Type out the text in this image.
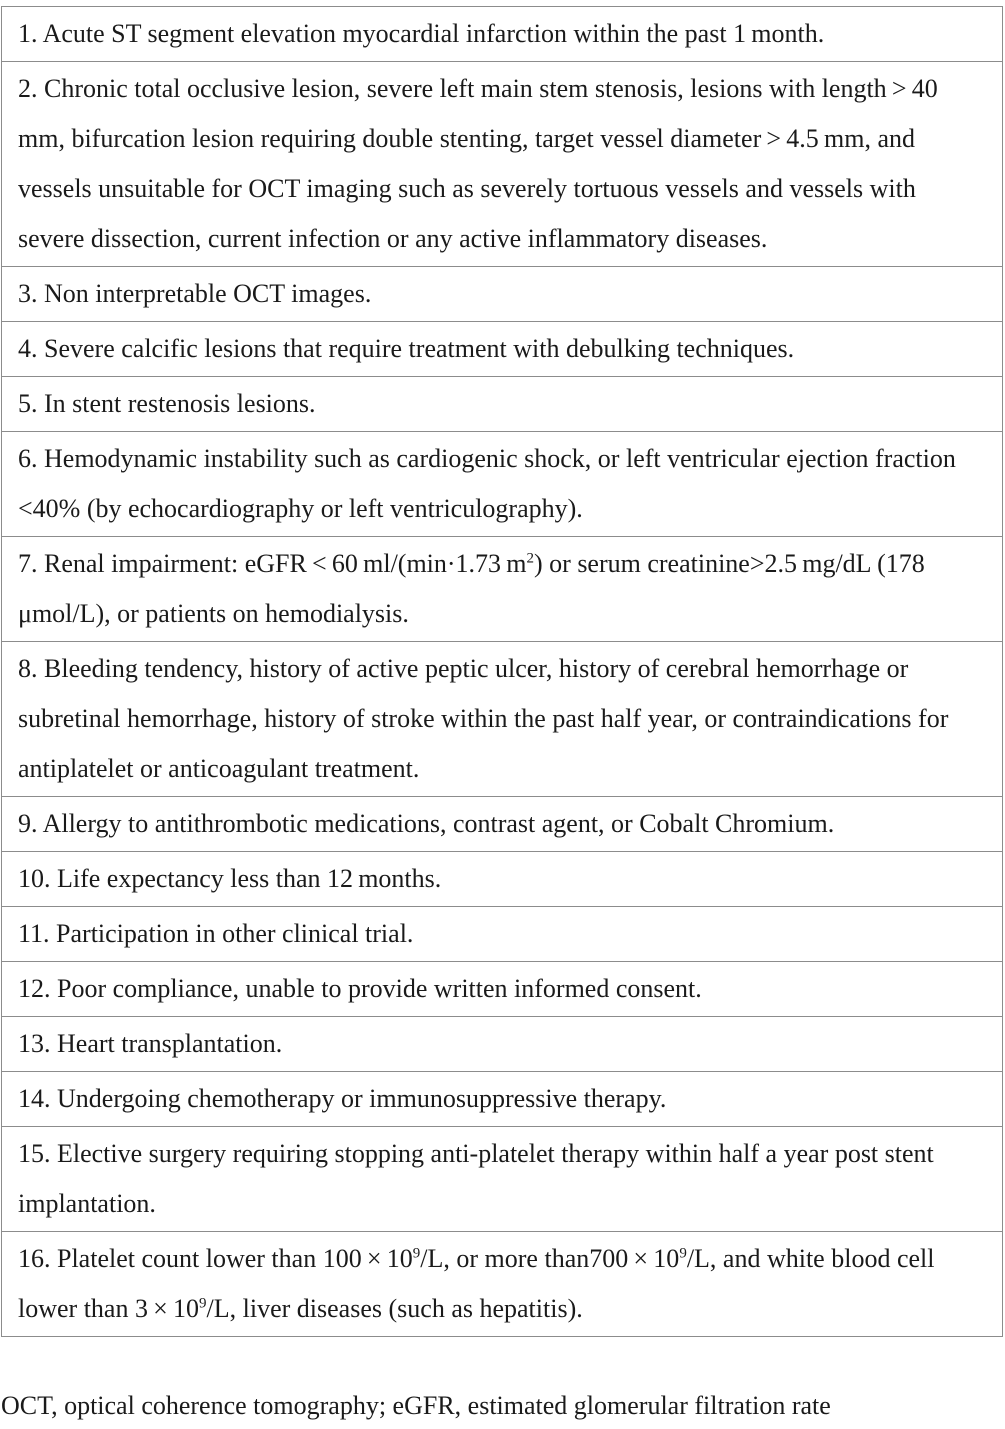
1. Acute ST segment elevation myocardial infarction within the past 1 month.
2. Chronic total occlusive lesion, severe left main stem stenosis, lesions with length > 40 mm, bifurcation lesion requiring double stenting, target vessel diameter > 4.5 mm, and vessels unsuitable for OCT imaging such as severely tortuous vessels and vessels with severe dissection, current infection or any active inflammatory diseases.
3. Non interpretable OCT images.
4. Severe calcific lesions that require treatment with debulking techniques.
5. In stent restenosis lesions.
6. Hemodynamic instability such as cardiogenic shock, or left ventricular ejection fraction <40% (by echocardiography or left ventriculography).
7. Renal impairment: eGFR < 60 ml/(min·1.73 $m^2$) or serum creatinine>2.5 mg/dL (178 μmol/L), or patients on hemodialysis.
8. Bleeding tendency, history of active peptic ulcer, history of cerebral hemorrhage or subretinal hemorrhage, history of stroke within the past half year, or contraindications for antiplatelet or anticoagulant treatment.
9. Allergy to antithrombotic medications, contrast agent, or Cobalt Chromium.
10. Life expectancy less than 12 months.
11. Participation in other clinical trial.
12. Poor compliance, unable to provide written informed consent.
13. Heart transplantation.
14. Undergoing chemotherapy or immunosuppressive therapy.
15. Elective surgery requiring stopping anti-platelet therapy within half a year post stent implantation.
16. Platelet count lower than $100 \times 10^9/L$, or more than700 × $10^9/L$, and white blood cell lower than $3 \times 10^9/L$, liver diseases (such as hepatitis).

OCT, optical coherence tomography; eGFR, estimated glomerular filtration rate
